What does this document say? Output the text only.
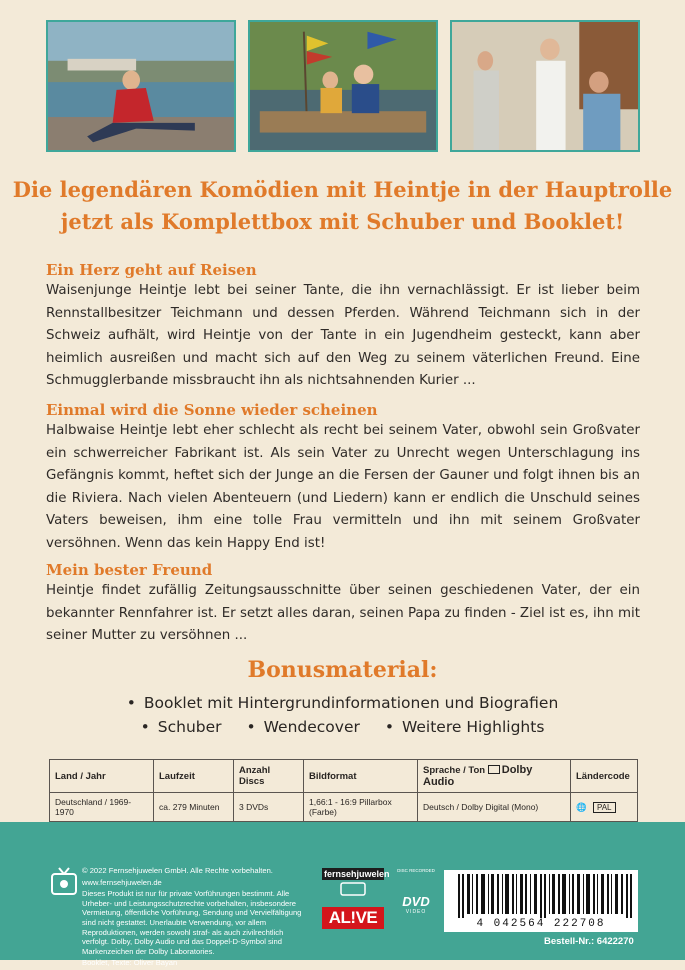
Die legendären Komödien mit Heintje in der Hauptrolle
jetzt als Komplettbox mit Schuber und Booklet!
Ein Herz geht auf Reisen
Waisenjunge Heintje lebt bei seiner Tante, die ihn vernachlässigt. Er ist lieber beim Rennstallbesitzer Teichmann und dessen Pferden. Während Teichmann sich in der Schweiz aufhält, wird Heintje von der Tante in ein Jugendheim gesteckt, kann aber heimlich ausreißen und macht sich auf den Weg zu seinem väterlichen Freund. Eine Schmugglerbande missbraucht ihn als nichtsahnenden Kurier ...
Einmal wird die Sonne wieder scheinen
Halbwaise Heintje lebt eher schlecht als recht bei seinem Vater, obwohl sein Großvater ein schwerreicher Fabrikant ist. Als sein Vater zu Unrecht wegen Unterschlagung ins Gefängnis kommt, heftet sich der Junge an die Fersen der Gauner und folgt ihnen bis an die Riviera. Nach vielen Abenteuern (und Liedern) kann er endlich die Unschuld seines Vaters beweisen, ihm eine tolle Frau vermitteln und ihn mit seinem Großvater versöhnen. Wenn das kein Happy End ist!
Mein bester Freund
Heintje findet zufällig Zeitungsausschnitte über seinen geschiedenen Vater, der ein bekannter Rennfahrer ist. Er setzt alles daran, seinen Papa zu finden - Ziel ist es, ihn mit seiner Mutter zu versöhnen ...
Bonusmaterial:
• Booklet mit Hintergrundinformationen und Biografien
• Schuber	• Wendecover	• Weitere Highlights
Land / Jahr	Laufzeit	Anzahl Discs	Bildformat	Sprache / Ton Dolby Audio	Ländercode
Deutschland / 1969-1970	ca. 279 Minuten	3 DVDs	1,66:1 - 16:9 Pillarbox (Farbe)	Deutsch / Dolby Digital (Mono)	🌐 PAL

© 2022 Fernsehjuwelen GmbH. Alle Rechte vorbehalten.

www.fernsehjuwelen.de

Dieses Produkt ist nur für private Vorführungen bestimmt. Alle Urheber- und Leistungsschutzrechte vorbehalten, insbesondere Vermietung, öffentliche Vorführung, Sendung und Vervielfältigung sind nicht gestattet. Unerlaubte Verwendung, vor allem Reproduktionen, werden sowohl straf- als auch zivilrechtlich verfolgt. Dolby, Dolby Audio und das Doppel-D-Symbol sind Markenzeichen der Dolby Laboratories.

Booklet, Texte: Oliver Bayan

fernsehjuwelen
AL!VE
DISC RECORDED
DVD
VIDEO
4 042564 222708
Bestell-Nr.: 6422270
